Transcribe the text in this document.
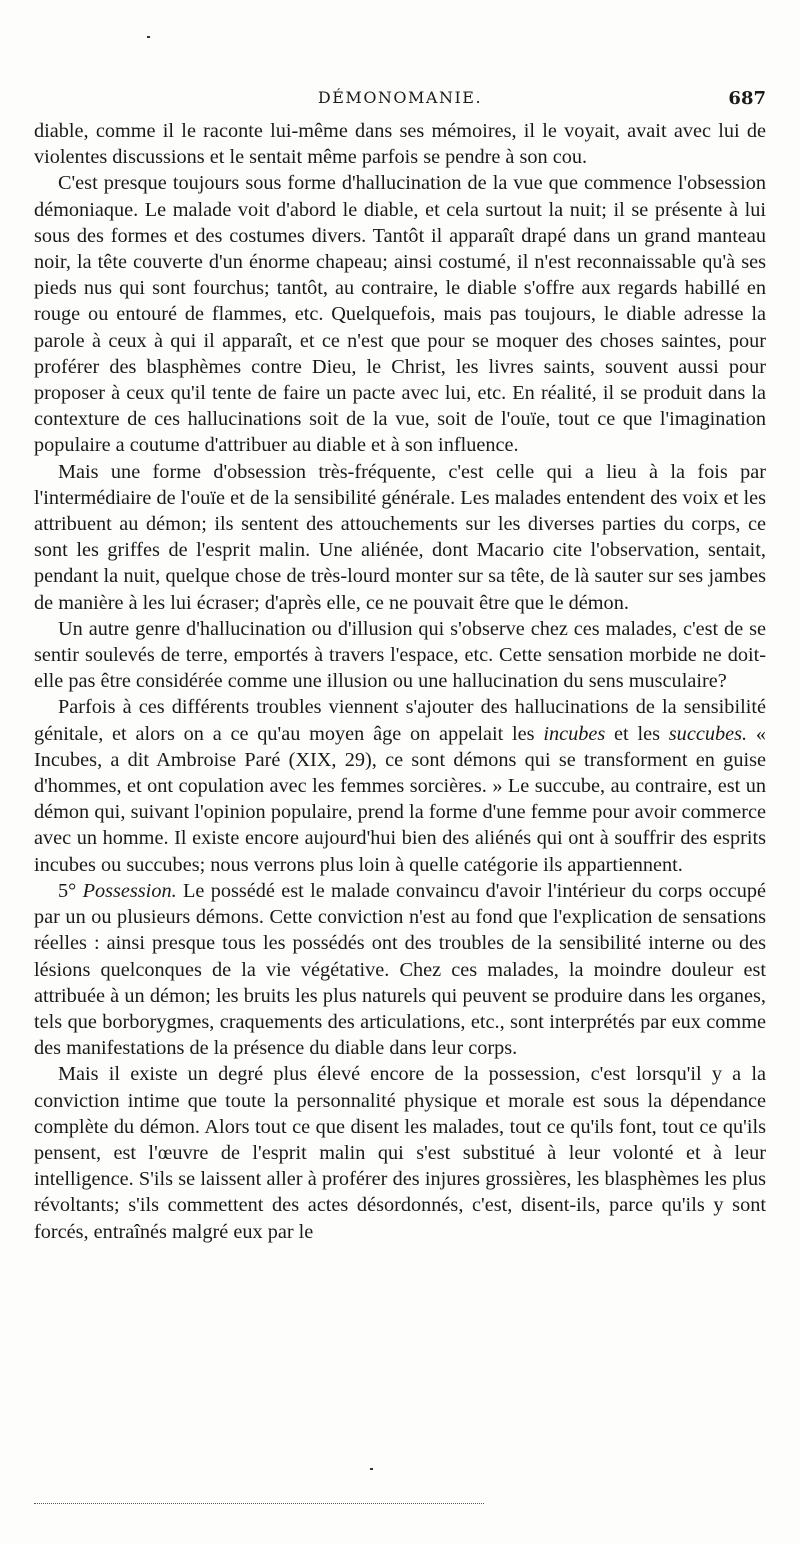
DÉMONOMANIE.	687

diable, comme il le raconte lui-même dans ses mémoires, il le voyait, avait avec lui de violentes discussions et le sentait même parfois se pendre à son cou.

C'est presque toujours sous forme d'hallucination de la vue que commence l'obsession démoniaque. Le malade voit d'abord le diable, et cela surtout la nuit; il se présente à lui sous des formes et des costumes divers. Tantôt il apparaît drapé dans un grand manteau noir, la tête couverte d'un énorme chapeau; ainsi costumé, il n'est reconnaissable qu'à ses pieds nus qui sont fourchus; tantôt, au contraire, le diable s'offre aux regards habillé en rouge ou entouré de flammes, etc. Quelquefois, mais pas toujours, le diable adresse la parole à ceux à qui il apparaît, et ce n'est que pour se moquer des choses saintes, pour proférer des blasphèmes contre Dieu, le Christ, les livres saints, souvent aussi pour proposer à ceux qu'il tente de faire un pacte avec lui, etc. En réalité, il se produit dans la contexture de ces hallucinations soit de la vue, soit de l'ouïe, tout ce que l'imagination populaire a coutume d'attribuer au diable et à son influence.

Mais une forme d'obsession très-fréquente, c'est celle qui a lieu à la fois par l'intermédiaire de l'ouïe et de la sensibilité générale. Les malades entendent des voix et les attribuent au démon; ils sentent des attouchements sur les diverses parties du corps, ce sont les griffes de l'esprit malin. Une aliénée, dont Macario cite l'observation, sentait, pendant la nuit, quelque chose de très-lourd monter sur sa tête, de là sauter sur ses jambes de manière à les lui écraser; d'après elle, ce ne pouvait être que le démon.

Un autre genre d'hallucination ou d'illusion qui s'observe chez ces malades, c'est de se sentir soulevés de terre, emportés à travers l'espace, etc. Cette sensation morbide ne doit-elle pas être considérée comme une illusion ou une hallucination du sens musculaire?

Parfois à ces différents troubles viennent s'ajouter des hallucinations de la sensibilité génitale, et alors on a ce qu'au moyen âge on appelait les incubes et les succubes. « Incubes, a dit Ambroise Paré (XIX, 29), ce sont démons qui se transforment en guise d'hommes, et ont copulation avec les femmes sorcières. » Le succube, au contraire, est un démon qui, suivant l'opinion populaire, prend la forme d'une femme pour avoir commerce avec un homme. Il existe encore aujourd'hui bien des aliénés qui ont à souffrir des esprits incubes ou succubes; nous verrons plus loin à quelle catégorie ils appartiennent.

5° Possession. Le possédé est le malade convaincu d'avoir l'intérieur du corps occupé par un ou plusieurs démons. Cette conviction n'est au fond que l'explication de sensations réelles : ainsi presque tous les possédés ont des troubles de la sensibilité interne ou des lésions quelconques de la vie végétative. Chez ces malades, la moindre douleur est attribuée à un démon; les bruits les plus naturels qui peuvent se produire dans les organes, tels que borborygmes, craquements des articulations, etc., sont interprétés par eux comme des manifestations de la présence du diable dans leur corps.

Mais il existe un degré plus élevé encore de la possession, c'est lorsqu'il y a la conviction intime que toute la personnalité physique et morale est sous la dépendance complète du démon. Alors tout ce que disent les malades, tout ce qu'ils font, tout ce qu'ils pensent, est l'œuvre de l'esprit malin qui s'est substitué à leur volonté et à leur intelligence. S'ils se laissent aller à proférer des injures grossières, les blasphèmes les plus révoltants; s'ils commettent des actes désordonnés, c'est, disent-ils, parce qu'ils y sont forcés, entraînés malgré eux par le
